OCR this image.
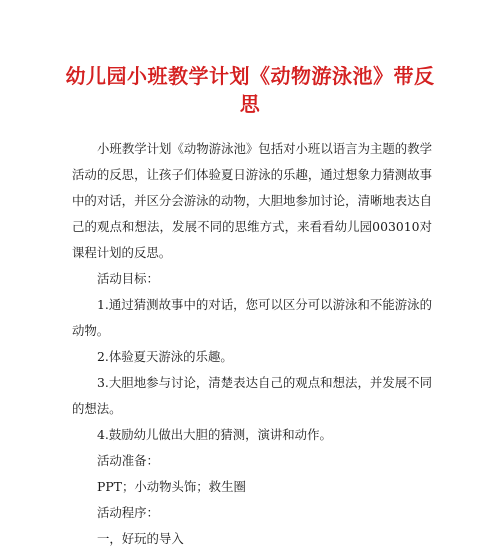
幼儿园小班教学计划《动物游泳池》带反思

小班教学计划《动物游泳池》包括对小班以语言为主题的教学活动的反思，让孩子们体验夏日游泳的乐趣，通过想象力猜测故事中的对话，并区分会游泳的动物，大胆地参加讨论，清晰地表达自己的观点和想法，发展不同的思维方式，来看看幼儿园003010对课程计划的反思。

活动目标：

1.通过猜测故事中的对话，您可以区分可以游泳和不能游泳的动物。

2.体验夏天游泳的乐趣。

3.大胆地参与讨论，清楚表达自己的观点和想法，并发展不同的想法。

4.鼓励幼儿做出大胆的猜测，演讲和动作。

活动准备：

PPT；小动物头饰；救生圈

活动程序：

一，好玩的导入
